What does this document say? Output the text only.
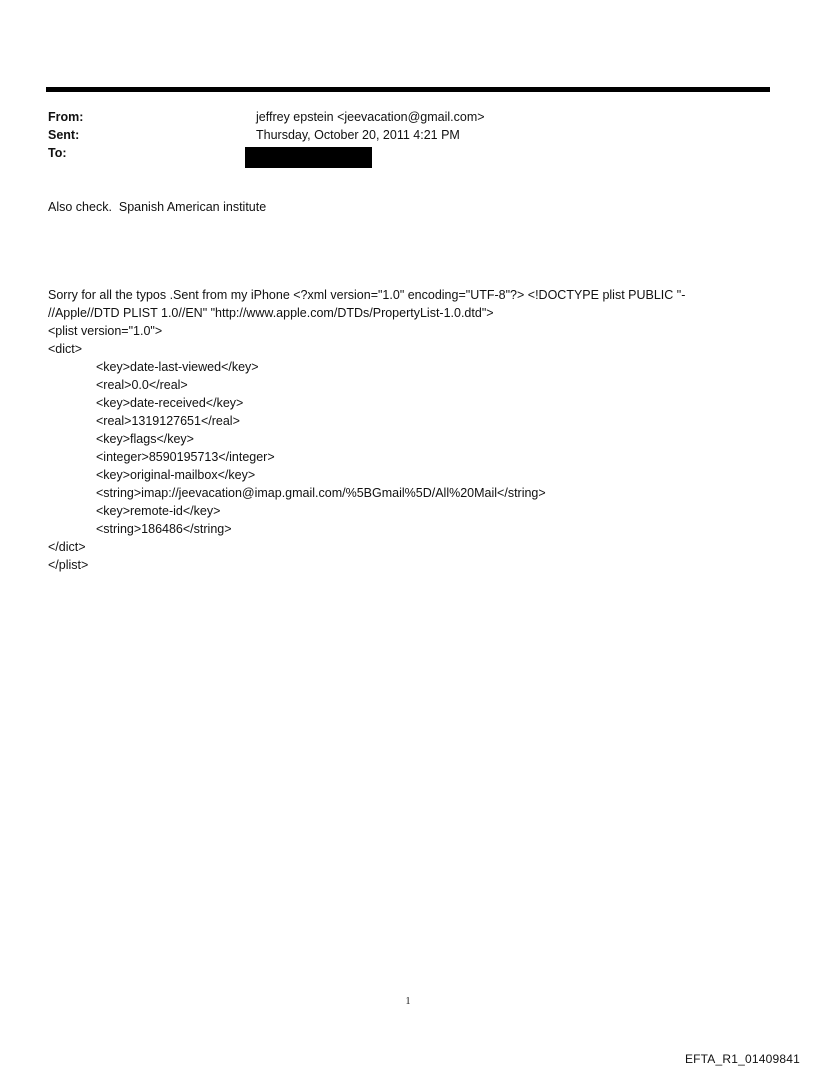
From:	jeffrey epstein <jeevacation@gmail.com>
Sent:	Thursday, October 20, 2011 4:21 PM
To:
Also check.  Spanish American institute
Sorry for all the typos .Sent from my iPhone <?xml version="1.0" encoding="UTF-8"?> <!DOCTYPE plist PUBLIC "-
//Apple//DTD PLIST 1.0//EN" "http://www.apple.com/DTDs/PropertyList-1.0.dtd">
<plist version="1.0">
<dict>
<key>date-last-viewed</key>
<real>0.0</real>
<key>date-received</key>
<real>1319127651</real>
<key>flags</key>
<integer>8590195713</integer>
<key>original-mailbox</key>
<string>imap://jeevacation@imap.gmail.com/%5BGmail%5D/All%20Mail</string>
<key>remote-id</key>
<string>186486</string>
</dict>
</plist>
1
EFTA_R1_01409841
